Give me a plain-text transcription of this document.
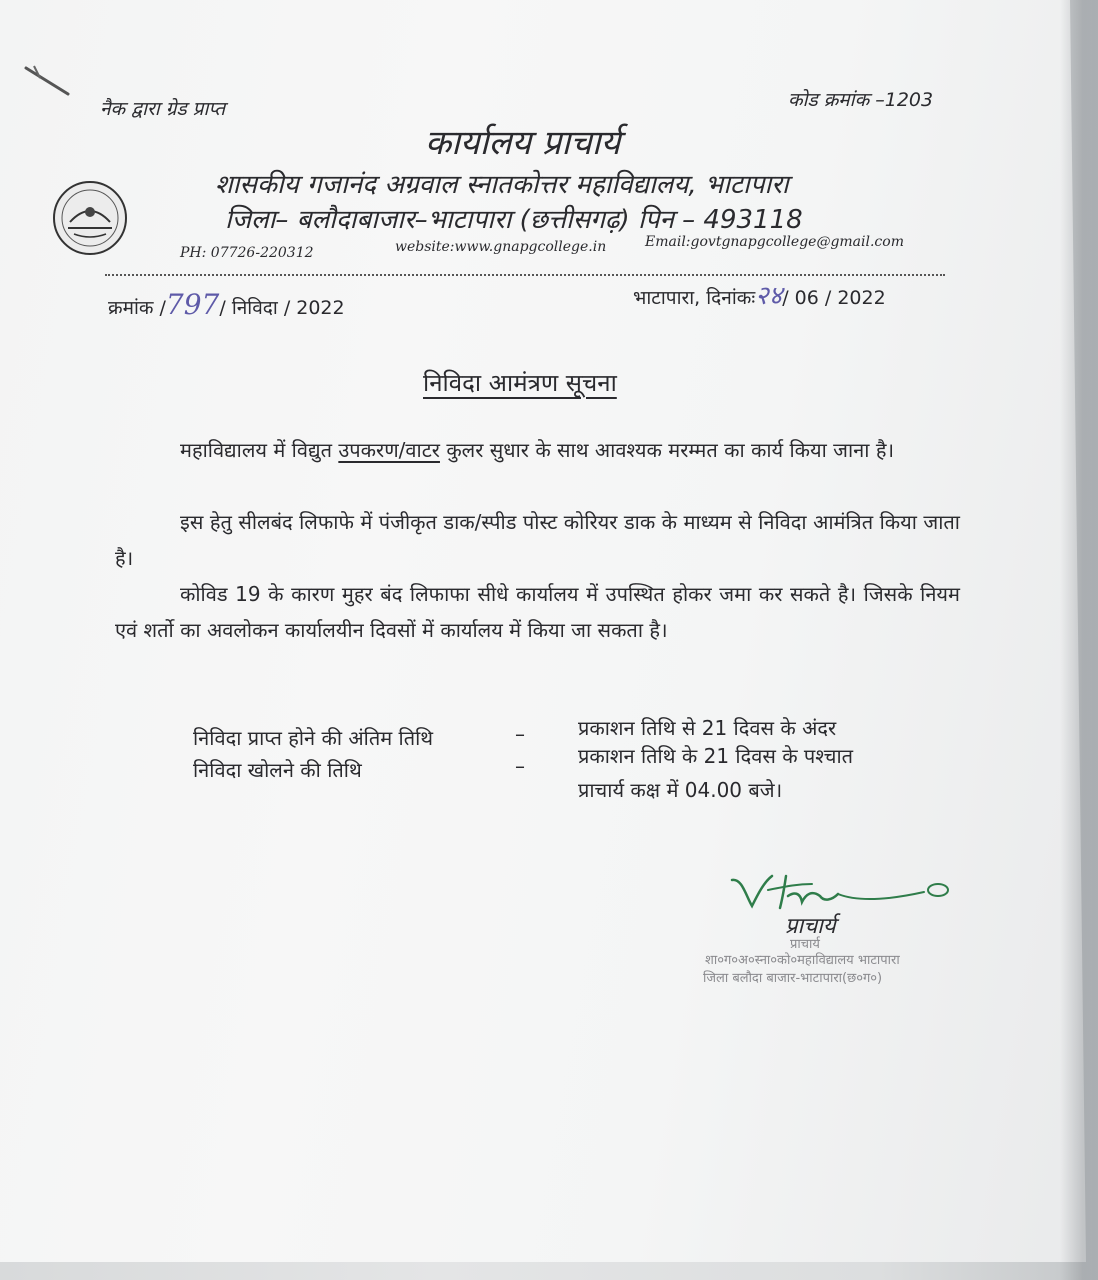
नैक द्वारा ग्रेड प्राप्त	कोड क्रमांक –1203
कार्यालय प्राचार्य
शासकीय गजानंद अग्रवाल स्नातकोत्तर महाविद्यालय, भाटापारा
जिला– बलौदाबाजार–भाटापारा (छत्तीसगढ़) पिन – 493118
PH: 07726-220312	website:www.gnapgcollege.in	Email:govtgnapgcollege@gmail.com
क्रमांक /797/ निविदा / 2022	भाटापारा, दिनांकः२४/ 06 / 2022
निविदा आमंत्रण सूचना
महाविद्यालय में विद्युत उपकरण/वाटर कुलर सुधार के साथ आवश्यक मरम्मत का कार्य किया जाना है।
इस हेतु सीलबंद लिफाफे में पंजीकृत डाक/स्पीड पोस्ट कोरियर डाक के माध्यम से निविदा आमंत्रित किया जाता है।
कोविड 19 के कारण मुहर बंद लिफाफा सीधे कार्यालय में उपस्थित होकर जमा कर सकते है। जिसके नियम एवं शर्तो का अवलोकन कार्यालयीन दिवसों में कार्यालय में किया जा सकता है।
निविदा प्राप्त होने की अंतिम तिथि	–	प्रकाशन तिथि से 21 दिवस के अंदर
निविदा खोलने की तिथि	–	प्रकाशन तिथि के 21 दिवस के पश्चात
प्राचार्य कक्ष में 04.00 बजे।
प्राचार्य
प्राचार्य
शा०ग०अ०स्ना०को०महाविद्यालय भाटापारा
जिला बलौदा बाजार-भाटापारा(छ०ग०)
